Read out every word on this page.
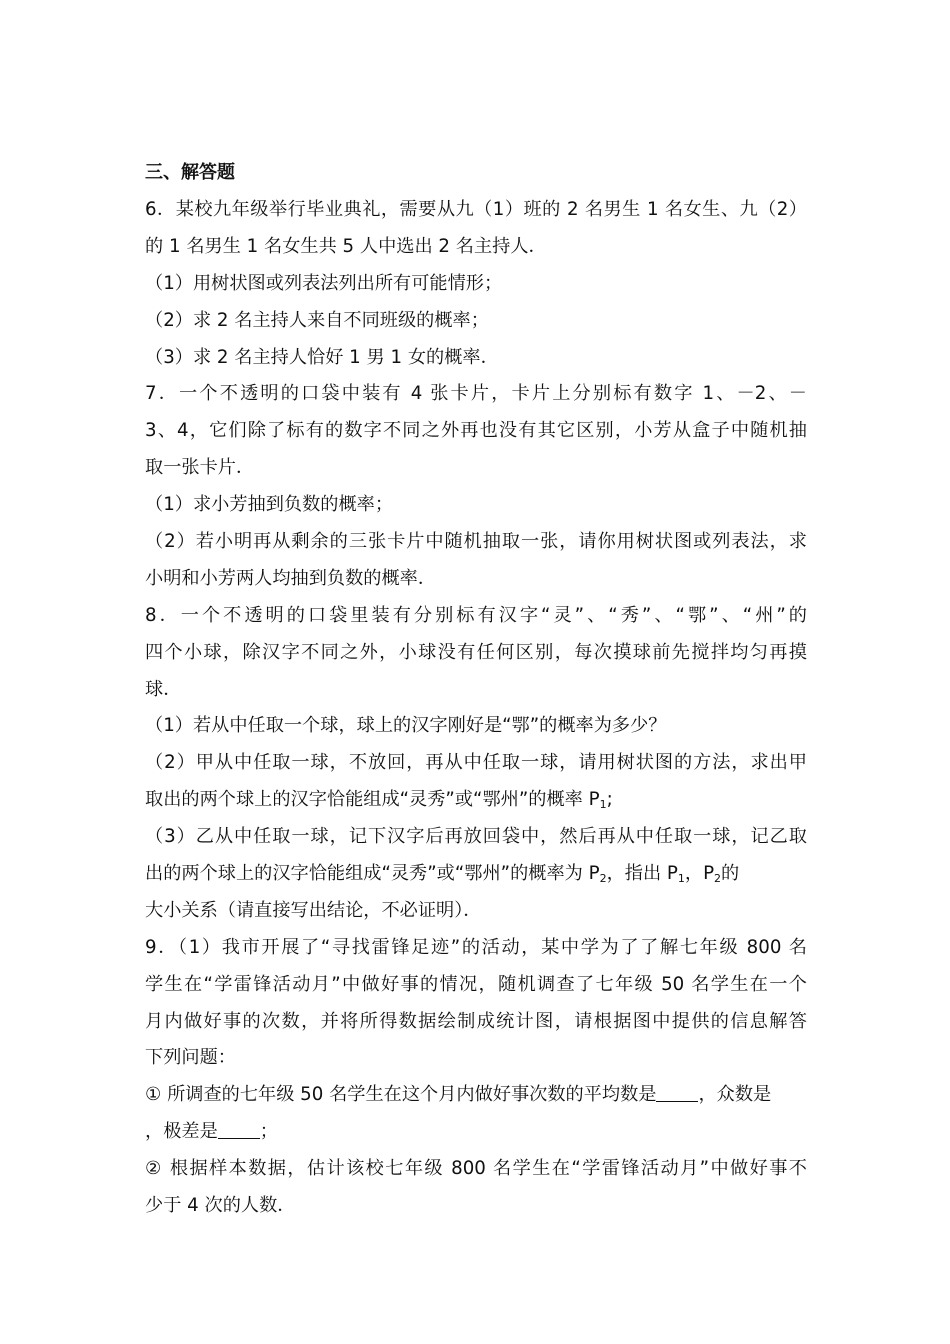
三、解答题
6．某校九年级举行毕业典礼，需要从九（1）班的 2 名男生 1 名女生、九（2）
的 1 名男生 1 名女生共 5 人中选出 2 名主持人．
（1）用树状图或列表法列出所有可能情形；
（2）求 2 名主持人来自不同班级的概率；
（3）求 2 名主持人恰好 1 男 1 女的概率．
7．一个不透明的口袋中装有 4 张卡片，卡片上分别标有数字 1、－2、－
3、4，它们除了标有的数字不同之外再也没有其它区别，小芳从盒子中随机抽
取一张卡片．
（1）求小芳抽到负数的概率；
（2）若小明再从剩余的三张卡片中随机抽取一张，请你用树状图或列表法，求
小明和小芳两人均抽到负数的概率．
8．一个不透明的口袋里装有分别标有汉字“灵”、“秀”、“鄂”、“州”的
四个小球，除汉字不同之外，小球没有任何区别，每次摸球前先搅拌均匀再摸
球．
（1）若从中任取一个球，球上的汉字刚好是“鄂”的概率为多少？
（2）甲从中任取一球，不放回，再从中任取一球，请用树状图的方法，求出甲
取出的两个球上的汉字恰能组成“灵秀”或“鄂州”的概率 $P_1$;
（3）乙从中任取一球，记下汉字后再放回袋中，然后再从中任取一球，记乙取
出的两个球上的汉字恰能组成“灵秀”或“鄂州”的概率为 $P_2$，指出 $P_1$，$P_2$的
大小关系（请直接写出结论，不必证明）．
9．（1）我市开展了“寻找雷锋足迹”的活动，某中学为了了解七年级 800 名
学生在“学雷锋活动月”中做好事的情况，随机调查了七年级 50 名学生在一个
月内做好事的次数，并将所得数据绘制成统计图，请根据图中提供的信息解答
下列问题：
① 所调查的七年级 50 名学生在这个月内做好事次数的平均数是 ，众数是
，极差是 ；
② 根据样本数据，估计该校七年级 800 名学生在“学雷锋活动月”中做好事不
少于 4 次的人数．
